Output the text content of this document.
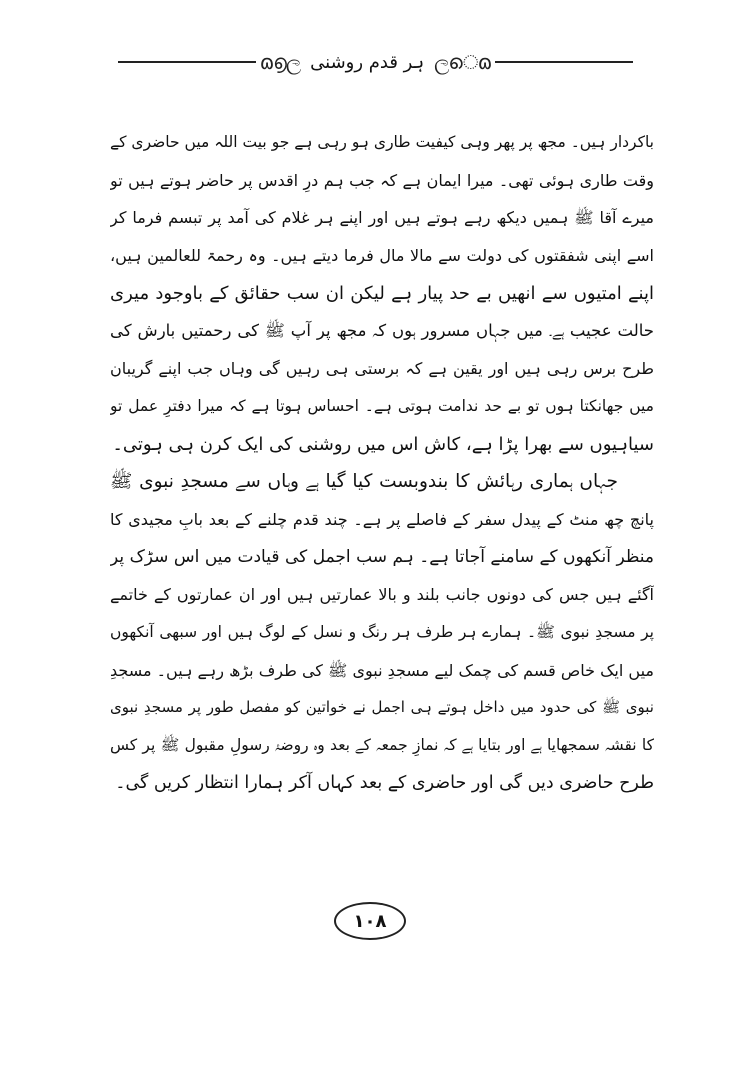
ɷ൭ල ہر قدم روشنی ලെɷ
باکردار ہیں۔ مجھ پر پھر وہی کیفیت طاری ہو رہی ہے جو بیت اللہ میں حاضری کے
وقت طاری ہوئی تھی۔ میرا ایمان ہے کہ جب ہم درِ اقدس پر حاضر ہوتے ہیں تو
میرے آقا ﷺ ہمیں دیکھ رہے ہوتے ہیں اور اپنے ہر غلام کی آمد پر تبسم فرما کر
اسے اپنی شفقتوں کی دولت سے مالا مال فرما دیتے ہیں۔ وہ رحمۃ للعالمین ہیں،
اپنے امتیوں سے انھیں بے حد پیار ہے لیکن ان سب حقائق کے باوجود میری
حالت عجیب ہے۔ میں جہاں مسرور ہوں کہ مجھ پر آپ ﷺ کی رحمتیں بارش کی
طرح برس رہی ہیں اور یقین ہے کہ برستی ہی رہیں گی وہاں جب اپنے گریبان
میں جھانکتا ہوں تو بے حد ندامت ہوتی ہے۔ احساس ہوتا ہے کہ میرا دفترِ عمل تو
سیاہیوں سے بھرا پڑا ہے، کاش اس میں روشنی کی ایک کرن ہی ہوتی۔
جہاں ہماری رہائش کا بندوبست کیا گیا ہے وہاں سے مسجدِ نبوی ﷺ
پانچ چھ منٹ کے پیدل سفر کے فاصلے پر ہے۔ چند قدم چلنے کے بعد بابِ مجیدی کا
منظر آنکھوں کے سامنے آجاتا ہے۔ ہم سب اجمل کی قیادت میں اس سڑک پر
آگئے ہیں جس کی دونوں جانب بلند و بالا عمارتیں ہیں اور ان عمارتوں کے خاتمے
پر مسجدِ نبوی ﷺ۔ ہمارے ہر طرف ہر رنگ و نسل کے لوگ ہیں اور سبھی آنکھوں
میں ایک خاص قسم کی چمک لیے مسجدِ نبوی ﷺ کی طرف بڑھ رہے ہیں۔ مسجدِ
نبوی ﷺ کی حدود میں داخل ہوتے ہی اجمل نے خواتین کو مفصل طور پر مسجدِ نبوی
کا نقشہ سمجھایا ہے اور بتایا ہے کہ نمازِ جمعہ کے بعد وہ روضۂ رسولِ مقبول ﷺ پر کس
طرح حاضری دیں گی اور حاضری کے بعد کہاں آکر ہمارا انتظار کریں گی۔
۱۰۸
